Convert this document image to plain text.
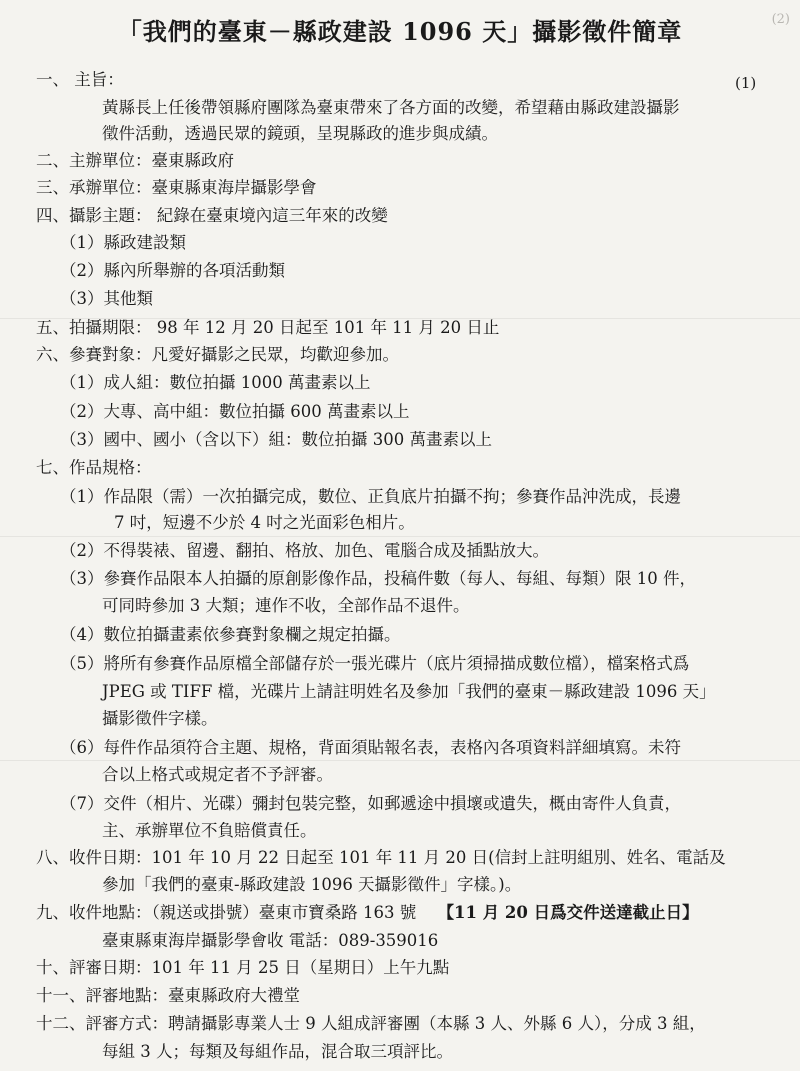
(2)
「我們的臺東－縣政建設 1096 天」攝影徵件簡章
(1)
一、 主旨：
黃縣長上任後帶領縣府團隊為臺東帶來了各方面的改變，希望藉由縣政建設攝影
徵件活動，透過民眾的鏡頭，呈現縣政的進步與成績。
二、主辦單位：臺東縣政府
三、承辦單位：臺東縣東海岸攝影學會
四、攝影主題： 紀錄在臺東境內這三年來的改變
（1）縣政建設類
（2）縣內所舉辦的各項活動類
（3）其他類
五、拍攝期限： 98 年 12 月 20 日起至 101 年 11 月 20 日止
六、參賽對象：凡愛好攝影之民眾，均歡迎參加。
（1）成人組：數位拍攝 1000 萬畫素以上
（2）大專、高中組：數位拍攝 600 萬畫素以上
（3）國中、國小（含以下）組：數位拍攝 300 萬畫素以上
七、作品規格：
（1）作品限（需）一次拍攝完成，數位、正負底片拍攝不拘；參賽作品沖洗成，長邊
7 吋，短邊不少於 4 吋之光面彩色相片。
（2）不得裝裱、留邊、翻拍、格放、加色、電腦合成及插點放大。
（3）參賽作品限本人拍攝的原創影像作品，投稿件數（每人、每組、每類）限 10 件，
可同時參加 3 大類；連作不收，全部作品不退件。
（4）數位拍攝畫素依參賽對象欄之規定拍攝。
（5）將所有參賽作品原檔全部儲存於一張光碟片（底片須掃描成數位檔），檔案格式爲
JPEG 或 TIFF 檔，光碟片上請註明姓名及參加「我們的臺東－縣政建設 1096 天」
攝影徵件字樣。
（6）每件作品須符合主題、規格，背面須貼報名表，表格內各項資料詳細填寫。未符
合以上格式或規定者不予評審。
（7）交件（相片、光碟）彌封包裝完整，如郵遞途中損壞或遺失，概由寄件人負責，
主、承辦單位不負賠償責任。
八、收件日期：101 年 10 月 22 日起至 101 年 11 月 20 日(信封上註明組別、姓名、電話及
參加「我們的臺東-縣政建設 1096 天攝影徵件」字樣。)。
九、收件地點：（親送或掛號）臺東市寶桑路 163 號 【11 月 20 日爲交件送達截止日】
臺東縣東海岸攝影學會收 電話：089-359016
十、評審日期：101 年 11 月 25 日（星期日）上午九點
十一、評審地點：臺東縣政府大禮堂
十二、評審方式：聘請攝影專業人士 9 人組成評審團（本縣 3 人、外縣 6 人），分成 3 組，
每組 3 人；每類及每組作品，混合取三項評比。
